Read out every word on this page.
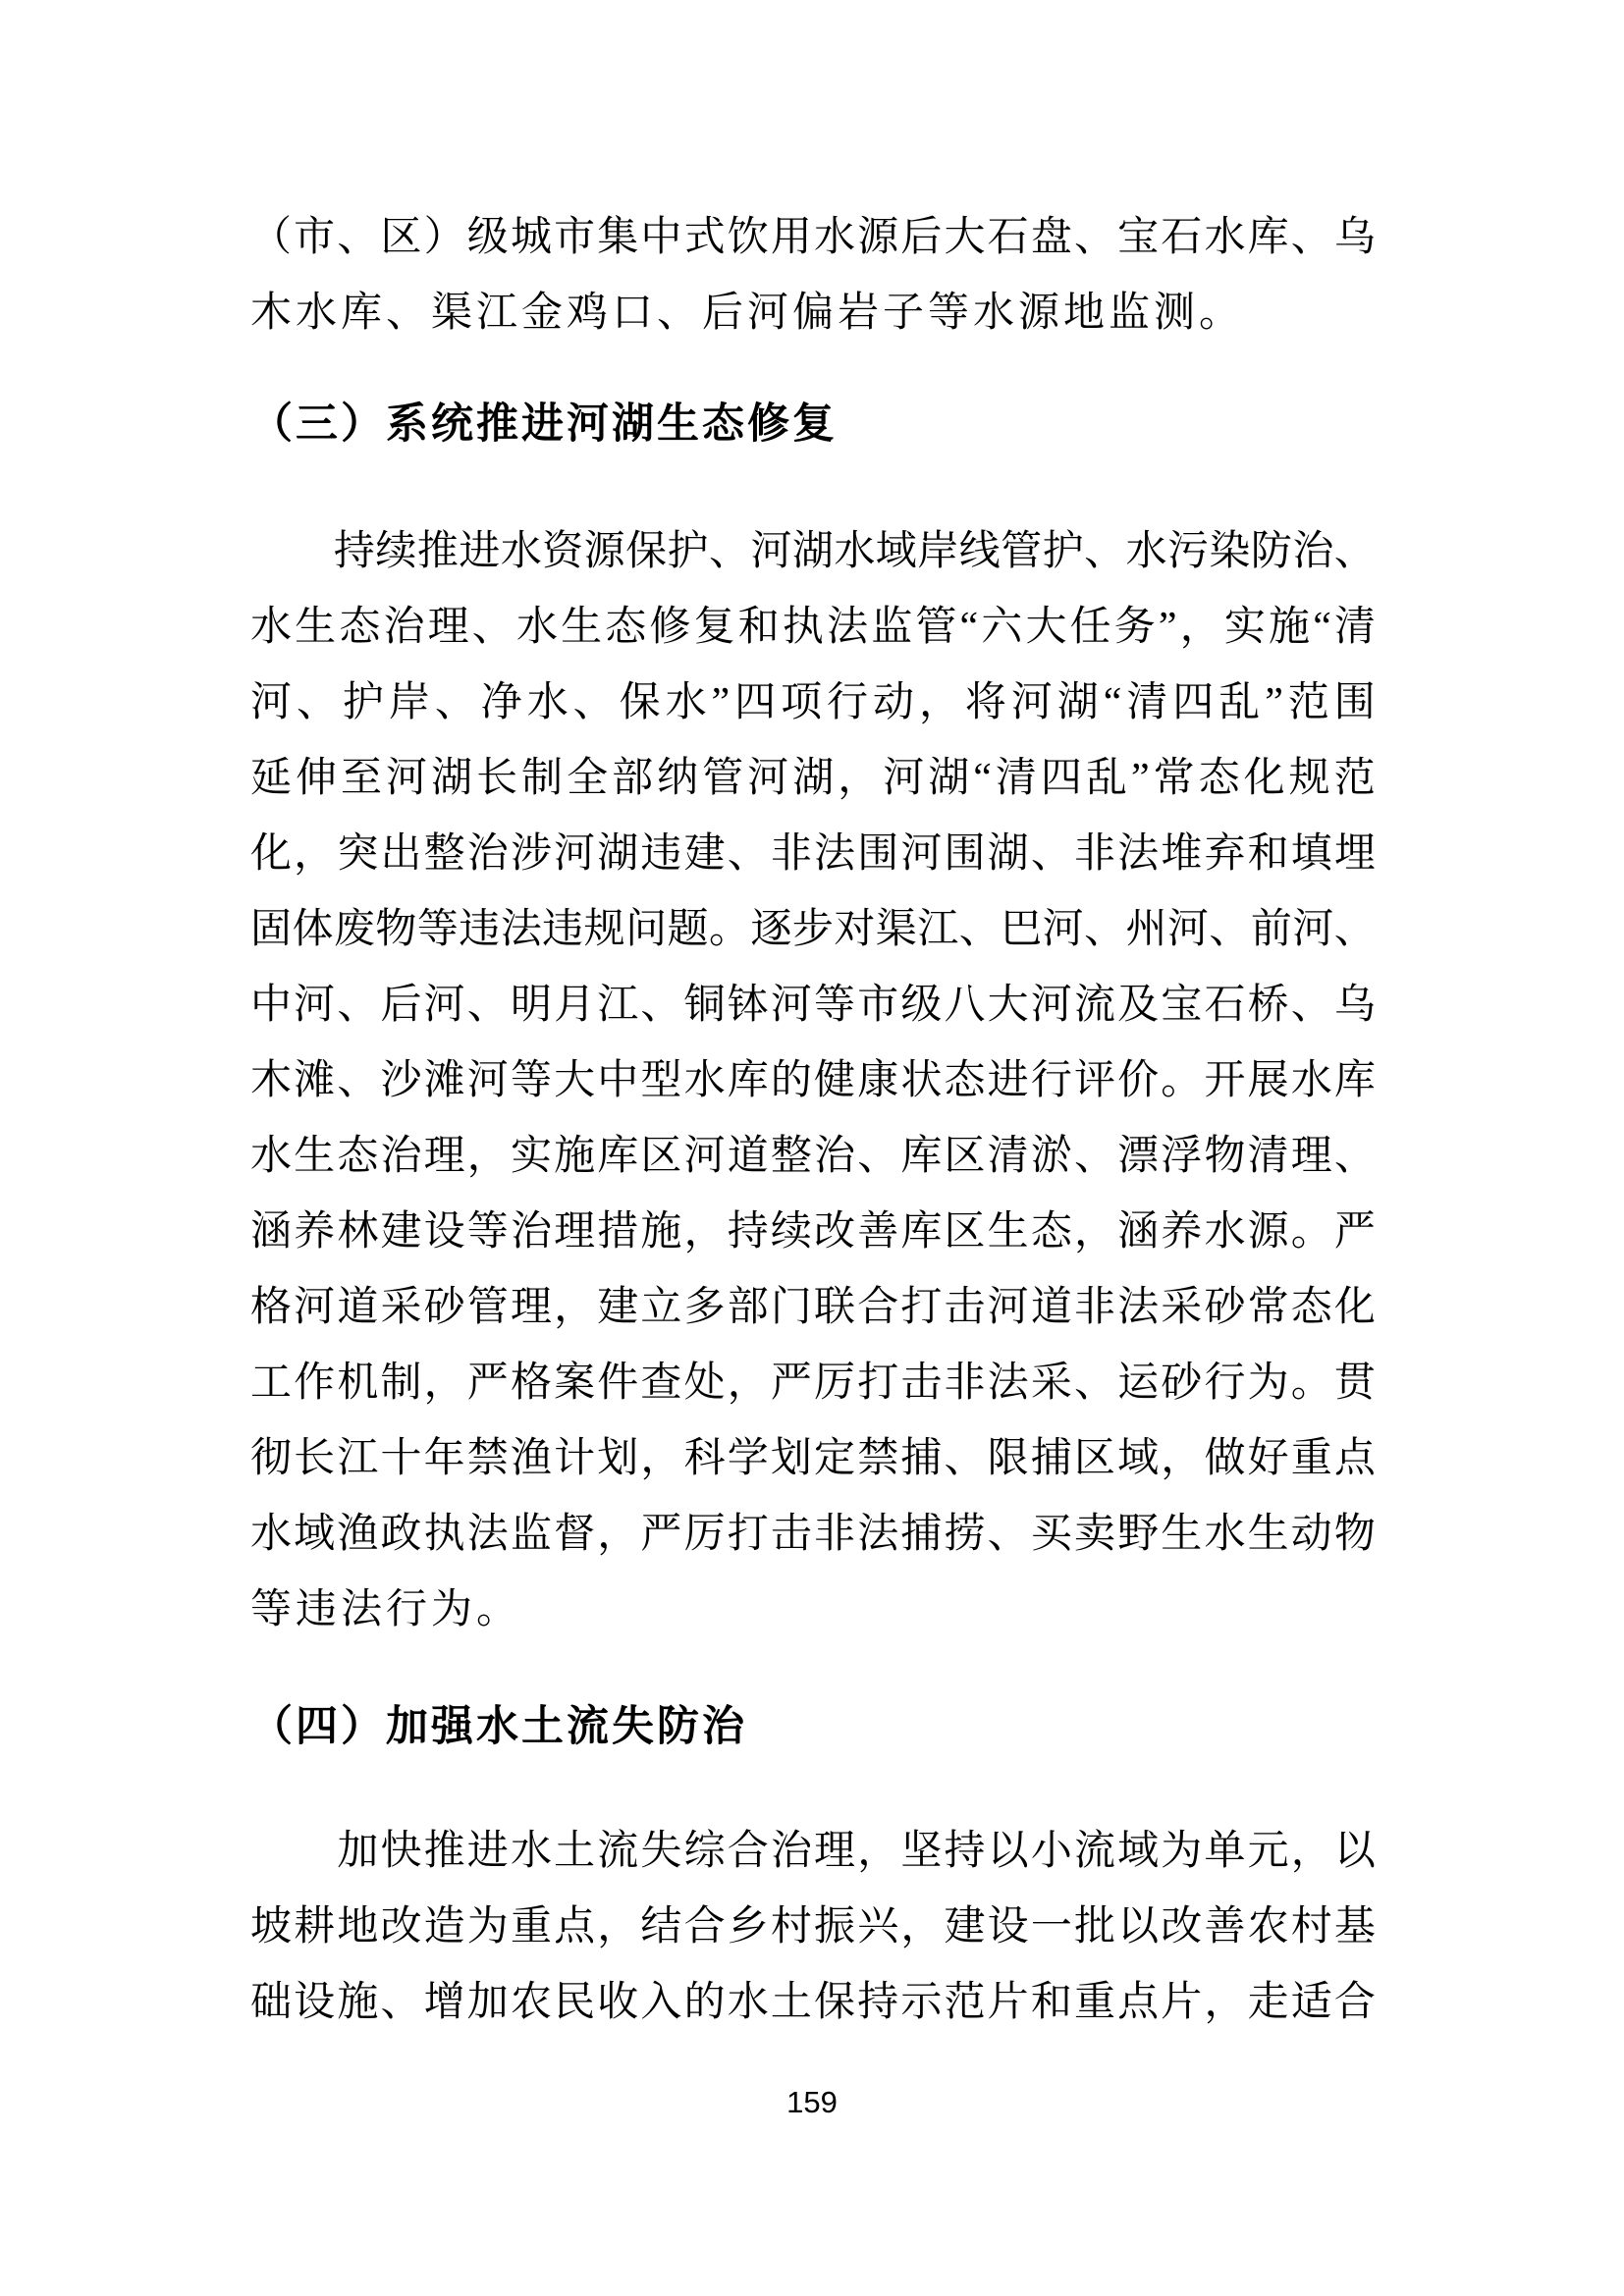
（ 市 、 区 ） 级 城 市 集 中 式 饮 用 水 源 后 大 石 盘 、 宝 石 水 库 、 乌
木水库、渠江金鸡口、后河偏岩子等水源地监测。
（三）系统推进河湖生态修复

持 续 推 进 水 资 源 保 护 、 河 湖 水 域 岸 线 管 护 、 水 污 染 防 治 、
水 生 态 治 理 、 水 生 态 修 复 和 执 法 监 管 “ 六 大 任 务 ” ， 实 施 “ 清
河 、 护 岸 、 净 水 、 保 水 ” 四 项 行 动 ， 将 河 湖 “ 清 四 乱 ” 范 围
延 伸 至 河 湖 长 制 全 部 纳 管 河 湖 ， 河 湖 “ 清 四 乱 ” 常 态 化 规 范
化 ， 突 出 整 治 涉 河 湖 违 建 、 非 法 围 河 围 湖 、 非 法 堆 弃 和 填 埋
固 体 废 物 等 违 法 违 规 问 题 。 逐 步 对 渠 江 、 巴 河 、 州 河 、 前 河 、
中 河 、 后 河 、 明 月 江 、 铜 钵 河 等 市 级 八 大 河 流 及 宝 石 桥 、 乌
木 滩 、 沙 滩 河 等 大 中 型 水 库 的 健 康 状 态 进 行 评 价 。 开 展 水 库
水 生 态 治 理 ， 实 施 库 区 河 道 整 治 、 库 区 清 淤 、 漂 浮 物 清 理 、
涵 养 林 建 设 等 治 理 措 施 ， 持 续 改 善 库 区 生 态 ， 涵 养 水 源 。 严
格 河 道 采 砂 管 理 ， 建 立 多 部 门 联 合 打 击 河 道 非 法 采 砂 常 态 化
工 作 机 制 ， 严 格 案 件 查 处 ， 严 厉 打 击 非 法 采 、 运 砂 行 为 。 贯
彻 长 江 十 年 禁 渔 计 划 ， 科 学 划 定 禁 捕 、 限 捕 区 域 ， 做 好 重 点
水 域 渔 政 执 法 监 督 ， 严 厉 打 击 非 法 捕 捞 、 买 卖 野 生 水 生 动 物
等违法行为。
（四）加强水土流失防治

加 快 推 进 水 土 流 失 综 合 治 理 ， 坚 持 以 小 流 域 为 单 元 ， 以
坡 耕 地 改 造 为 重 点 ， 结 合 乡 村 振 兴 ， 建 设 一 批 以 改 善 农 村 基
础 设 施 、 增 加 农 民 收 入 的 水 土 保 持 示 范 片 和 重 点 片 ， 走 适 合
159
